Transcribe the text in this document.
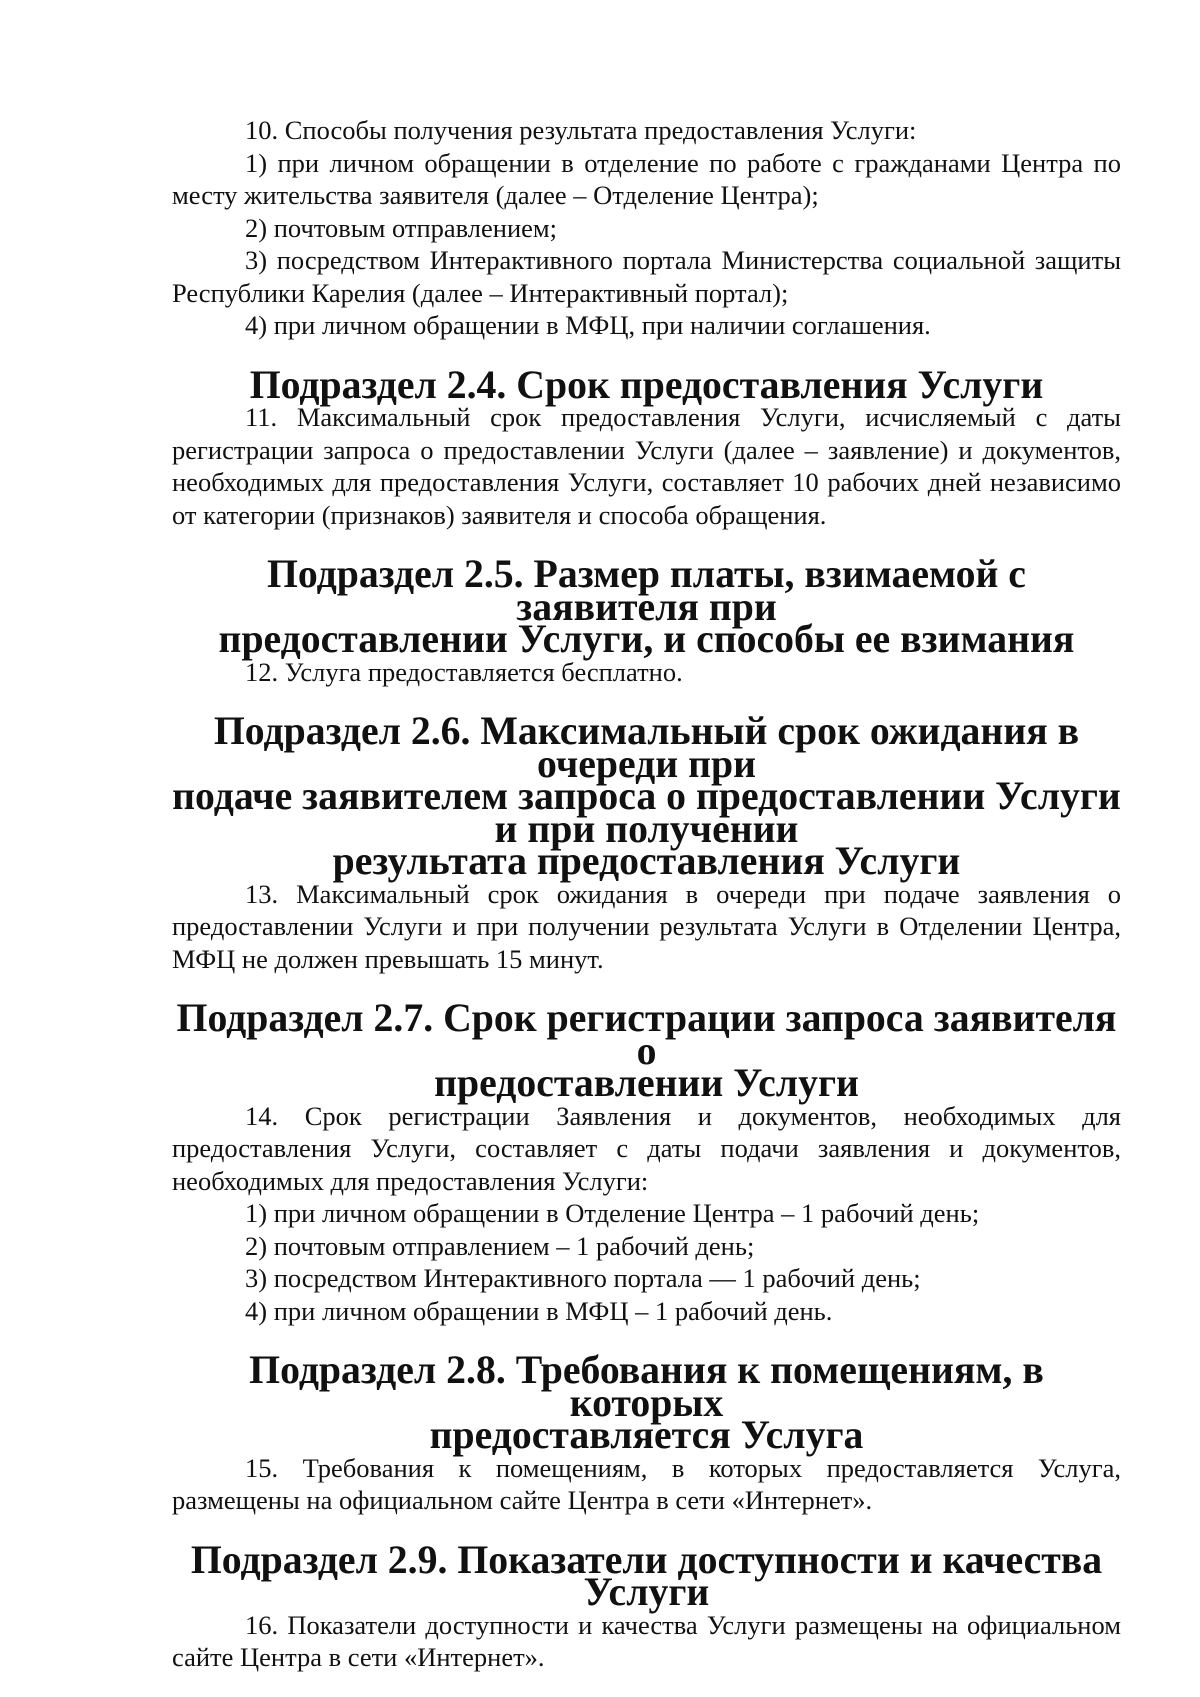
10. Способы получения результата предоставления Услуги:

1) при личном обращении в отделение по работе с гражданами Центра по месту жительства заявителя (далее – Отделение Центра);

2) почтовым отправлением;

3) посредством Интерактивного портала Министерства социальной защиты Республики Карелия (далее – Интерактивный портал);

4) при личном обращении в МФЦ, при наличии соглашения.

Подраздел 2.4. Срок предоставления Услуги

11. Максимальный срок предоставления Услуги, исчисляемый с даты регистрации запроса о предоставлении Услуги (далее – заявление) и документов, необходимых для предоставления Услуги, составляет 10 рабочих дней независимо от категории (признаков) заявителя и способа обращения.

Подраздел 2.5. Размер платы, взимаемой с заявителя при
предоставлении Услуги, и способы ее взимания

12. Услуга предоставляется бесплатно.

Подраздел 2.6. Максимальный срок ожидания в очереди при
подаче заявителем запроса о предоставлении Услуги и при получении
результата предоставления Услуги

13. Максимальный срок ожидания в очереди при подаче заявления о предоставлении Услуги и при получении результата Услуги в Отделении Центра, МФЦ не должен превышать 15 минут.

Подраздел 2.7. Срок регистрации запроса заявителя о
предоставлении Услуги

14. Срок регистрации Заявления и документов, необходимых для предоставления Услуги, составляет с даты подачи заявления и документов, необходимых для предоставления Услуги:

1) при личном обращении в Отделение Центра – 1 рабочий день;

2) почтовым отправлением – 1 рабочий день;

3) посредством Интерактивного портала — 1 рабочий день;

4) при личном обращении в МФЦ – 1 рабочий день.

Подраздел 2.8. Требования к помещениям, в которых
предоставляется Услуга

15. Требования к помещениям, в которых предоставляется Услуга, размещены на официальном сайте Центра в сети «Интернет».

Подраздел 2.9. Показатели доступности и качества Услуги

16. Показатели доступности и качества Услуги размещены на официальном сайте Центра в сети «Интернет».
